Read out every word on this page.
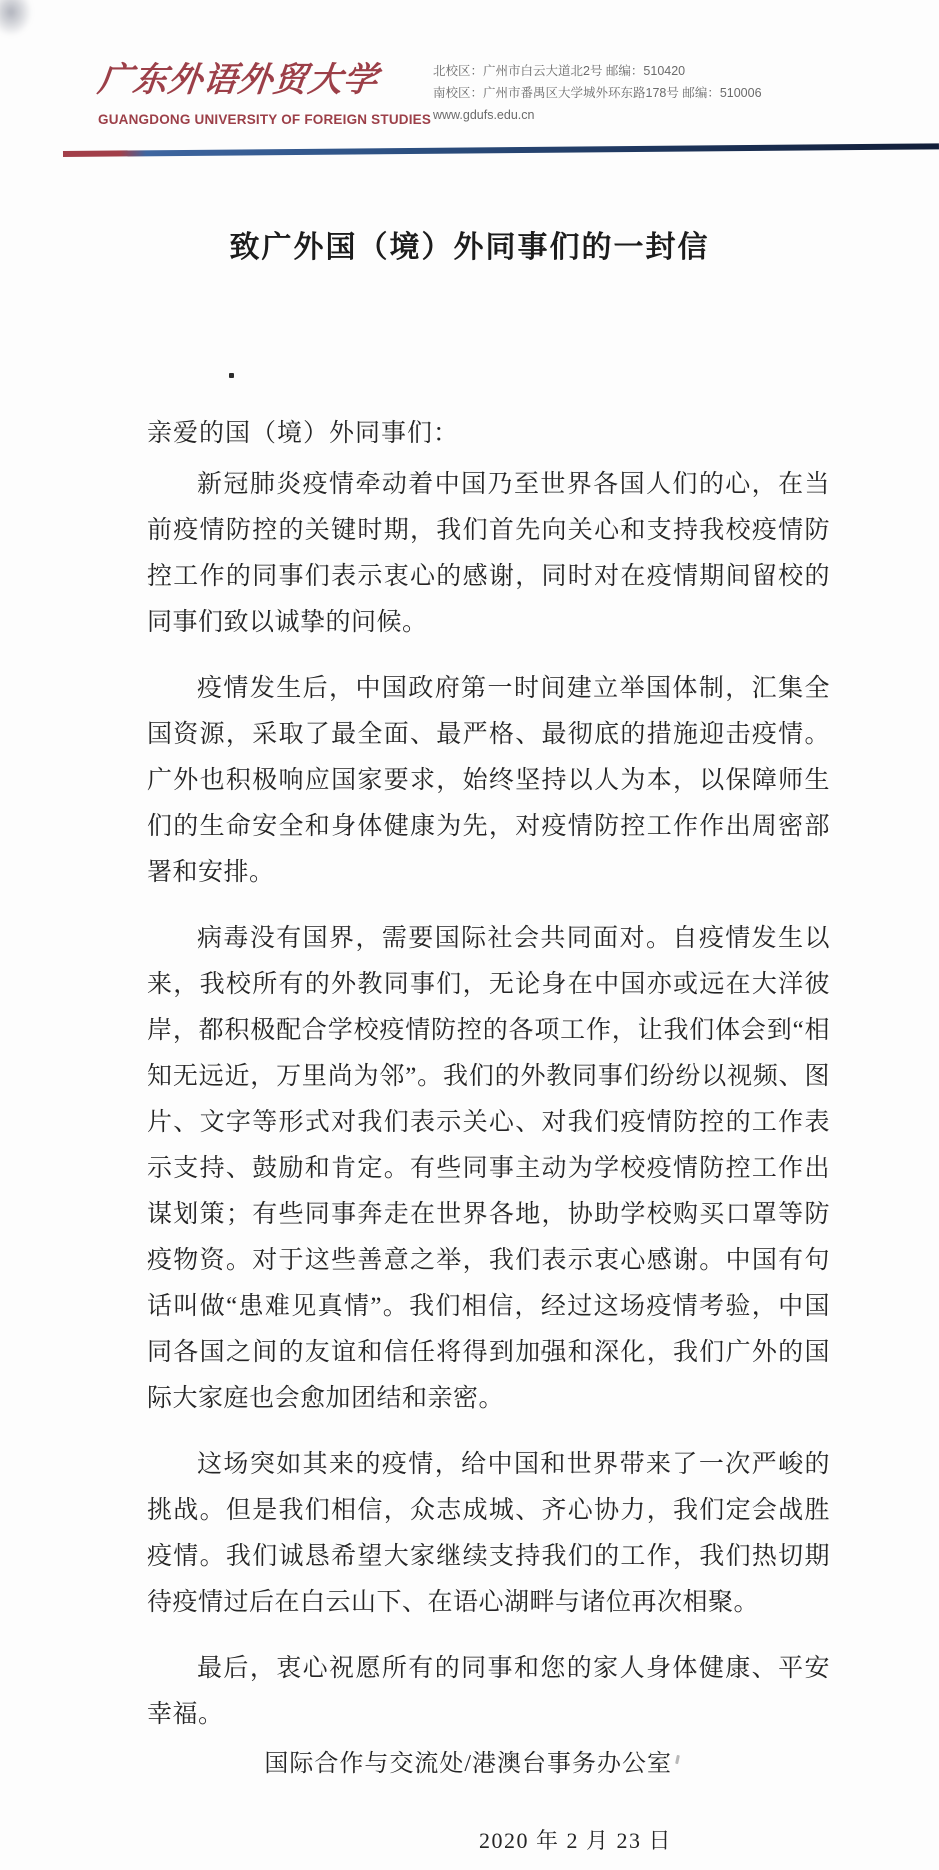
广东外语外贸大学
GUANGDONG UNIVERSITY OF FOREIGN STUDIES
北校区：广州市白云大道北2号 邮编：510420
南校区：广州市番禺区大学城外环东路178号 邮编：510006
www.gdufs.edu.cn
致广外国（境）外同事们的一封信
亲爱的国（境）外同事们：

新冠肺炎疫情牵动着中国乃至世界各国人们的心，在当前疫情防控的关键时期，我们首先向关心和支持我校疫情防控工作的同事们表示衷心的感谢，同时对在疫情期间留校的同事们致以诚挚的问候。

疫情发生后，中国政府第一时间建立举国体制，汇集全国资源，采取了最全面、最严格、最彻底的措施迎击疫情。广外也积极响应国家要求，始终坚持以人为本，以保障师生们的生命安全和身体健康为先，对疫情防控工作作出周密部署和安排。

病毒没有国界，需要国际社会共同面对。自疫情发生以来，我校所有的外教同事们，无论身在中国亦或远在大洋彼岸，都积极配合学校疫情防控的各项工作，让我们体会到“相知无远近，万里尚为邻”。我们的外教同事们纷纷以视频、图片、文字等形式对我们表示关心、对我们疫情防控的工作表示支持、鼓励和肯定。有些同事主动为学校疫情防控工作出谋划策；有些同事奔走在世界各地，协助学校购买口罩等防疫物资。对于这些善意之举，我们表示衷心感谢。中国有句话叫做“患难见真情”。我们相信，经过这场疫情考验，中国同各国之间的友谊和信任将得到加强和深化，我们广外的国际大家庭也会愈加团结和亲密。

这场突如其来的疫情，给中国和世界带来了一次严峻的挑战。但是我们相信，众志成城、齐心协力，我们定会战胜疫情。我们诚恳希望大家继续支持我们的工作，我们热切期待疫情过后在白云山下、在语心湖畔与诸位再次相聚。

最后，衷心祝愿所有的同事和您的家人身体健康、平安幸福。

国际合作与交流处/港澳台事务办公室
2020 年 2 月 23 日
